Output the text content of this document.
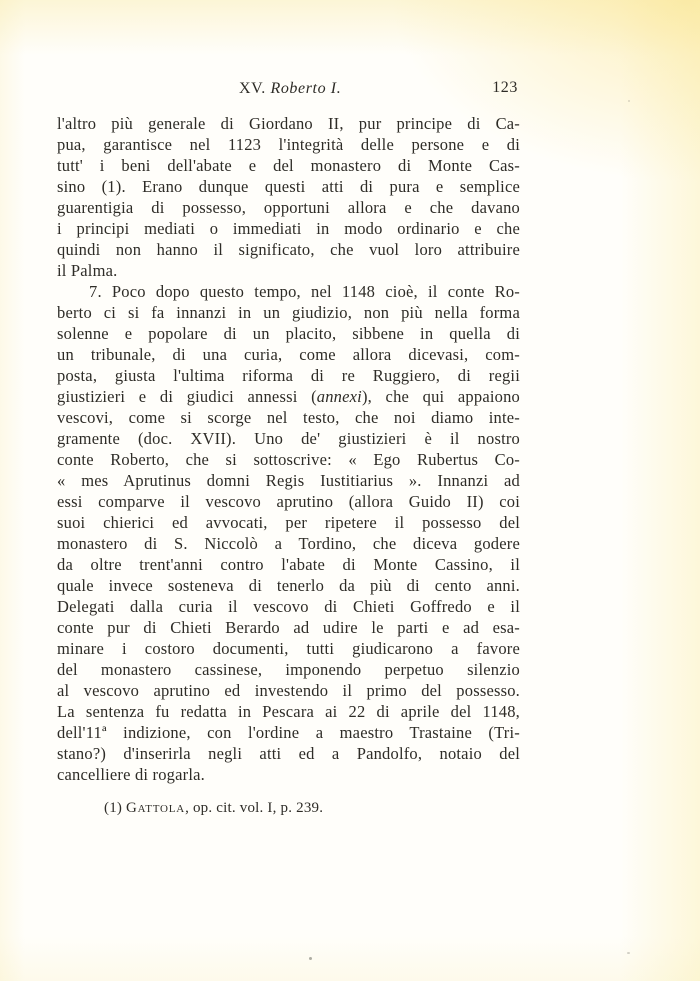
XV. Roberto I.	123
l'altro più generale di Giordano II, pur principe di Ca-
pua, garantisce nel 1123 l'integrità delle persone e di
tutt' i beni dell'abate e del monastero di Monte Cas-
sino (1). Erano dunque questi atti di pura e semplice
guarentigia di possesso, opportuni allora e che davano
i principi mediati o immediati in modo ordinario e che
quindi non hanno il significato, che vuol loro attribuire
il Palma.
7. Poco dopo questo tempo, nel 1148 cioè, il conte Ro-
berto ci si fa innanzi in un giudizio, non più nella forma
solenne e popolare di un placito, sibbene in quella di
un tribunale, di una curia, come allora dicevasi, com-
posta, giusta l'ultima riforma di re Ruggiero, di regii
giustizieri e di giudici annessi (annexi), che qui appaiono
vescovi, come si scorge nel testo, che noi diamo inte-
gramente (doc. XVII). Uno de' giustizieri è il nostro
conte Roberto, che si sottoscrive: « Ego Rubertus Co-
« mes Aprutinus domni Regis Iustitiarius ». Innanzi ad
essi comparve il vescovo aprutino (allora Guido II) coi
suoi chierici ed avvocati, per ripetere il possesso del
monastero di S. Niccolò a Tordino, che diceva godere
da oltre trent'anni contro l'abate di Monte Cassino, il
quale invece sosteneva di tenerlo da più di cento anni.
Delegati dalla curia il vescovo di Chieti Goffredo e il
conte pur di Chieti Berardo ad udire le parti e ad esa-
minare i costoro documenti, tutti giudicarono a favore
del monastero cassinese, imponendo perpetuo silenzio
al vescovo aprutino ed investendo il primo del possesso.
La sentenza fu redatta in Pescara ai 22 di aprile del 1148,
dell'11ª indizione, con l'ordine a maestro Trastaine (Tri-
stano?) d'inserirla negli atti ed a Pandolfo, notaio del
cancelliere di rogarla.
(1) Gattola, op. cit. vol. I, p. 239.
